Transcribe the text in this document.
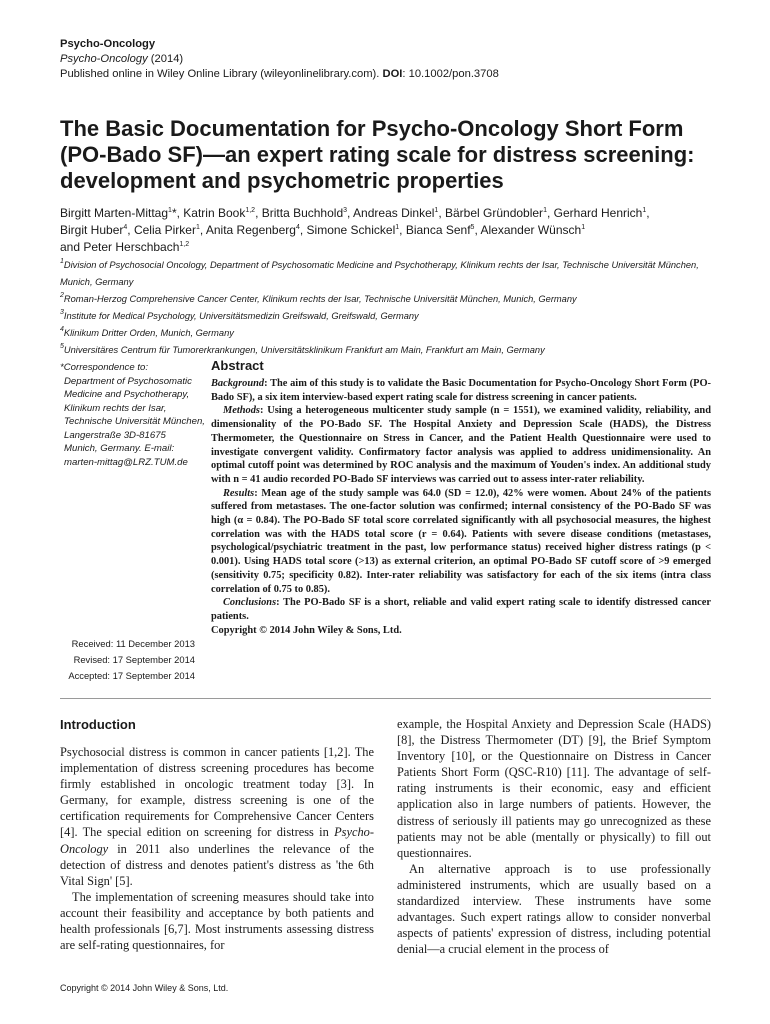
Psycho-Oncology
Psycho-Oncology (2014)
Published online in Wiley Online Library (wileyonlinelibrary.com). DOI: 10.1002/pon.3708
The Basic Documentation for Psycho-Oncology Short Form (PO-Bado SF)—an expert rating scale for distress screening: development and psychometric properties
Birgitt Marten-Mittag$^1$*, Katrin Book$^{1,2}$, Britta Buchhold$^3$, Andreas Dinkel$^1$, Bärbel Gründobler$^1$, Gerhard Henrich$^1$,
Birgit Huber$^4$, Celia Pirker$^1$, Anita Regenberg$^4$, Simone Schickel$^1$, Bianca Senf$^5$, Alexander Wünsch$^1$
and Peter Herschbach$^{1,2}$
$^1$Division of Psychosocial Oncology, Department of Psychosomatic Medicine and Psychotherapy, Klinikum rechts der Isar, Technische Universität München, Munich, Germany
$^2$Roman-Herzog Comprehensive Cancer Center, Klinikum rechts der Isar, Technische Universität München, Munich, Germany
$^3$Institute for Medical Psychology, Universitätsmedizin Greifswald, Greifswald, Germany
$^4$Klinikum Dritter Orden, Munich, Germany
$^5$Universitäres Centrum für Tumorerkrankungen, Universitätsklinikum Frankfurt am Main, Frankfurt am Main, Germany
*Correspondence to:
Department of Psychosomatic
Medicine and Psychotherapy,
Klinikum rechts der Isar,
Technische Universität München,
Langerstraße 3D-81675
Munich, Germany. E-mail:
marten-mittag@LRZ.TUM.de
Received: 11 December 2013
Revised: 17 September 2014
Accepted: 17 September 2014
Abstract

Background: The aim of this study is to validate the Basic Documentation for Psycho-Oncology Short Form (PO-Bado SF), a six item interview-based expert rating scale for distress screening in cancer patients.

Methods: Using a heterogeneous multicenter study sample (n = 1551), we examined validity, reliability, and dimensionality of the PO-Bado SF. The Hospital Anxiety and Depression Scale (HADS), the Distress Thermometer, the Questionnaire on Stress in Cancer, and the Patient Health Questionnaire were used to investigate convergent validity. Confirmatory factor analysis was applied to address unidimensionality. An optimal cutoff point was determined by ROC analysis and the maximum of Youden's index. An additional study with n = 41 audio recorded PO-Bado SF interviews was carried out to assess inter-rater reliability.

Results: Mean age of the study sample was 64.0 (SD = 12.0), 42% were women. About 24% of the patients suffered from metastases. The one-factor solution was confirmed; internal consistency of the PO-Bado SF was high (α = 0.84). The PO-Bado SF total score correlated significantly with all psychosocial measures, the highest correlation was with the HADS total score (r = 0.64). Patients with severe disease conditions (metastases, psychological/psychiatric treatment in the past, low performance status) received higher distress ratings (p < 0.001). Using HADS total score (>13) as external criterion, an optimal PO-Bado SF cutoff score of >9 emerged (sensitivity 0.75; specificity 0.82). Inter-rater reliability was satisfactory for each of the six items (intra class correlation of 0.75 to 0.85).

Conclusions: The PO-Bado SF is a short, reliable and valid expert rating scale to identify distressed cancer patients.

Copyright © 2014 John Wiley & Sons, Ltd.

Introduction

Psychosocial distress is common in cancer patients [1,2]. The implementation of distress screening procedures has become firmly established in oncologic treatment today [3]. In Germany, for example, distress screening is one of the certification requirements for Comprehensive Cancer Centers [4]. The special edition on screening for distress in Psycho-Oncology in 2011 also underlines the relevance of the detection of distress and denotes patient's distress as 'the 6th Vital Sign' [5].

The implementation of screening measures should take into account their feasibility and acceptance by both patients and health professionals [6,7]. Most instruments assessing distress are self-rating questionnaires, for

example, the Hospital Anxiety and Depression Scale (HADS) [8], the Distress Thermometer (DT) [9], the Brief Symptom Inventory [10], or the Questionnaire on Distress in Cancer Patients Short Form (QSC-R10) [11]. The advantage of self-rating instruments is their economic, easy and efficient application also in large numbers of patients. However, the distress of seriously ill patients may go unrecognized as these patients may not be able (mentally or physically) to fill out questionnaires.

An alternative approach is to use professionally administered instruments, which are usually based on a standardized interview. These instruments have some advantages. Such expert ratings allow to consider nonverbal aspects of patients' expression of distress, including potential denial—a crucial element in the process of

Copyright © 2014 John Wiley & Sons, Ltd.
